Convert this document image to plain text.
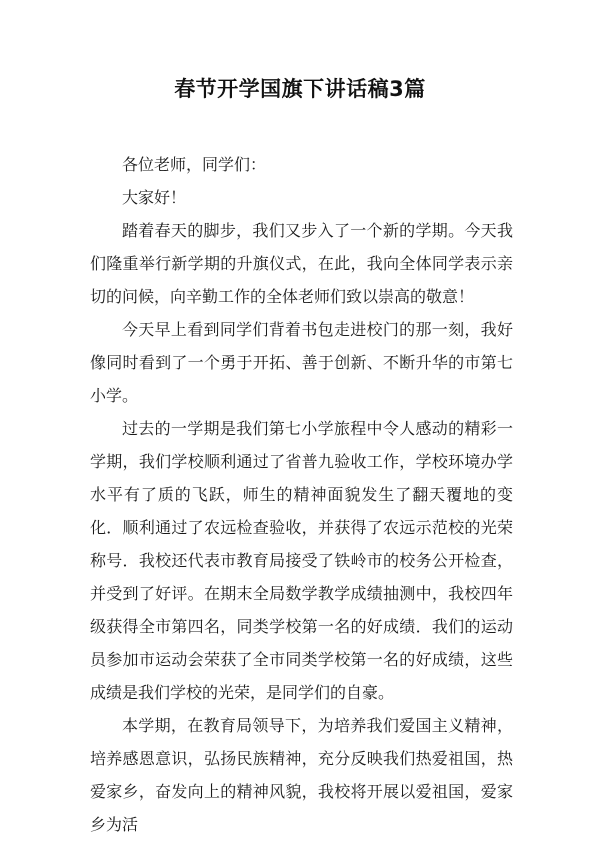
春节开学国旗下讲话稿3篇

各位老师，同学们：

大家好！

踏着春天的脚步，我们又步入了一个新的学期。今天我们隆重举行新学期的升旗仪式，在此，我向全体同学表示亲切的问候，向辛勤工作的全体老师们致以崇高的敬意！

今天早上看到同学们背着书包走进校门的那一刻，我好像同时看到了一个勇于开拓、善于创新、不断升华的市第七小学。

过去的一学期是我们第七小学旅程中令人感动的精彩一学期，我们学校顺利通过了省普九验收工作，学校环境办学水平有了质的飞跃，师生的精神面貌发生了翻天覆地的变化．顺利通过了农远检查验收，并获得了农远示范校的光荣称号．我校还代表市教育局接受了铁岭市的校务公开检查，并受到了好评。在期末全局数学教学成绩抽测中，我校四年级获得全市第四名，同类学校第一名的好成绩．我们的运动员参加市运动会荣获了全市同类学校第一名的好成绩，这些成绩是我们学校的光荣，是同学们的自豪。

本学期，在教育局领导下，为培养我们爱国主义精神，培养感恩意识，弘扬民族精神，充分反映我们热爱祖国，热爱家乡，奋发向上的精神风貌，我校将开展以爱祖国，爱家乡为活
